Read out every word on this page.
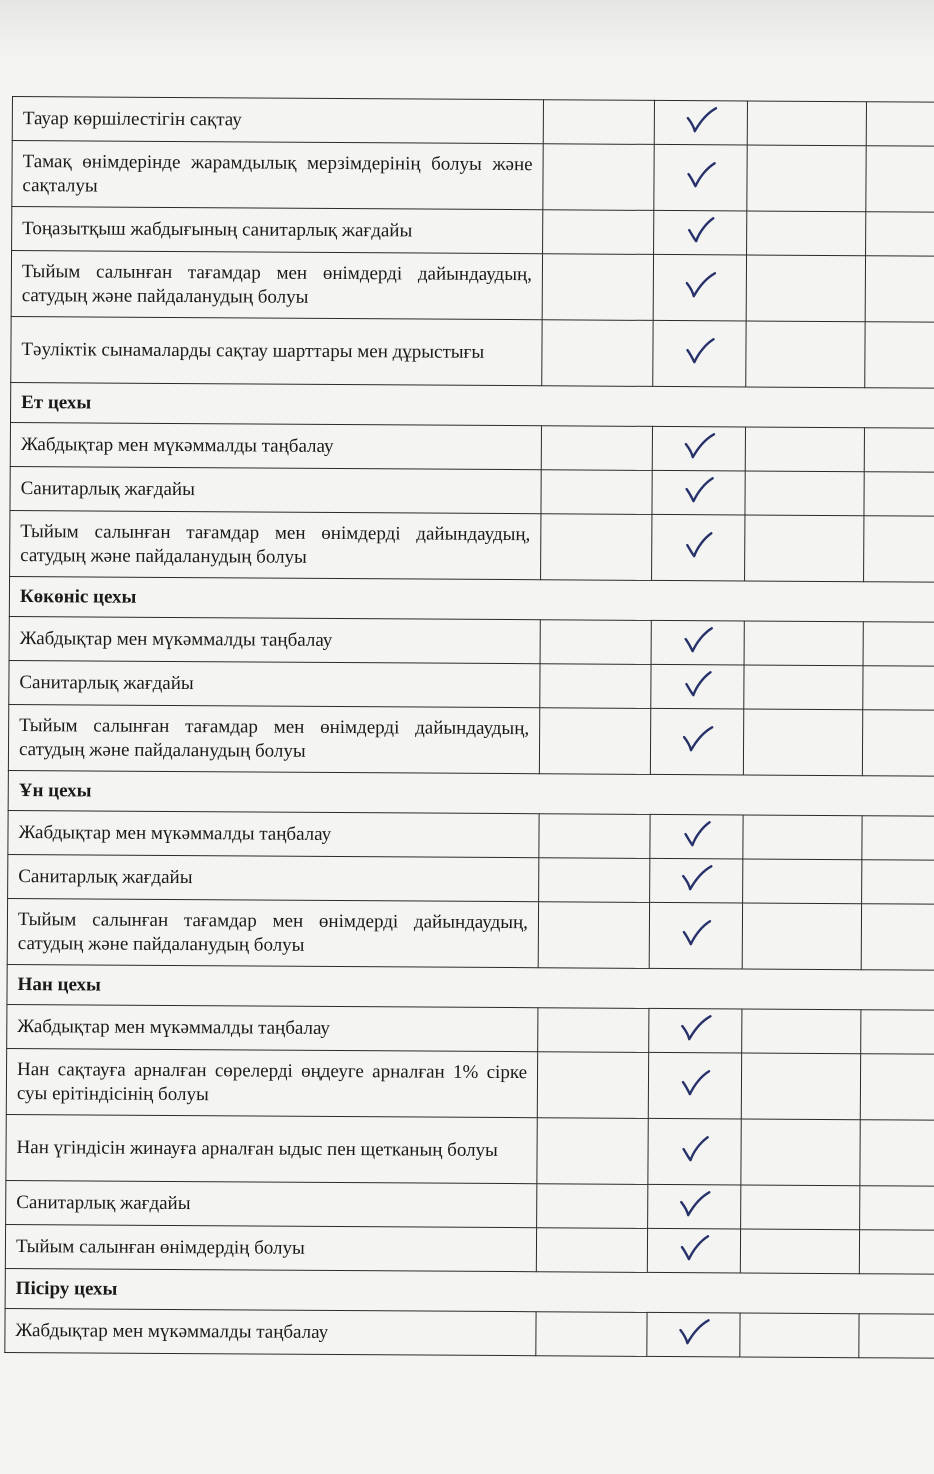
Тауар көршілестігін сақтау				
Тамақ өнімдерінде жарамдылық мерзімдерінің болуы және сақталуы				
Тоңазытқыш жабдығының санитарлық жағдайы				
Тыйым салынған тағамдар мен өнімдерді дайындаудың, сатудың және пайдаланудың болуы				
Тәуліктік сынамаларды сақтау шарттары мен дұрыстығы				
Ет цехы				
Жабдықтар мен мүкәммалды таңбалау				
Санитарлық жағдайы				
Тыйым салынған тағамдар мен өнімдерді дайындаудың, сатудың және пайдаланудың болуы				
Көкөніс цехы				
Жабдықтар мен мүкәммалды таңбалау				
Санитарлық жағдайы				
Тыйым салынған тағамдар мен өнімдерді дайындаудың, сатудың және пайдаланудың болуы				
Ұн цехы				
Жабдықтар мен мүкәммалды таңбалау				
Санитарлық жағдайы				
Тыйым салынған тағамдар мен өнімдерді дайындаудың, сатудың және пайдаланудың болуы				
Нан цехы				
Жабдықтар мен мүкәммалды таңбалау				
Нан сақтауға арналған сөрелерді өңдеуге арналған 1% сірке суы ерітіндісінің болуы				
Нан үгіндісін жинауға арналған ыдыс пен щетканың болуы				
Санитарлық жағдайы				
Тыйым салынған өнімдердің болуы				
Пісіру цехы				
Жабдықтар мен мүкәммалды таңбалау				
